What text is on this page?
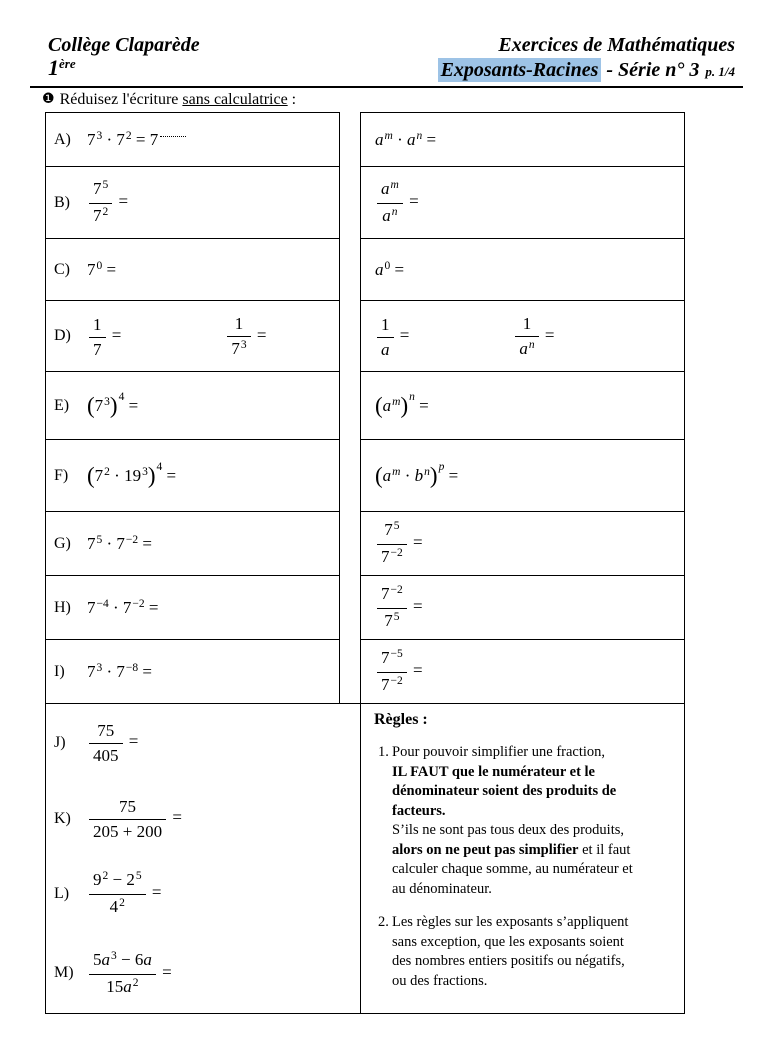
Collège Claparède
1ère
Exercices de Mathématiques
Exposants-Racines - Série n° 3 p. 1/4
❶ Réduisez l'écriture sans calculatrice :
A) $7^3 \cdot 7^2 = 7$	$a^m \cdot a^n$ =
B)	$\frac{7^5}{7^2}$ =	$\frac{a^m}{a^n}$ =
C)	$7^0$ =	$a^0$ =
D)	$\frac{1}{7}$ =	$\frac{1}{7^3}$ =	$\frac{1}{a}$ =	$\frac{1}{a^n}$ =
E) $(7^3)^4$ =	$(a^m)^n$ =
F) $(7^2 \cdot 19^3)^4$ =	$(a^m \cdot b^n)^p$ =
G) $7^5 \cdot 7^{-2}$ =	$\frac{7^5}{7^{-2}}$ =
H) $7^{-4} \cdot 7^{-2}$ =	$\frac{7^{-2}}{7^5}$ =
I)	$7^3 \cdot 7^{-8}$ =	$\frac{7^{-5}}{7^{-2}}$ =
J)	$\frac{75}{405}$ =
K)	$\frac{75}{205 + 200}$ =
L)	$\frac{9^2 - 2^5}{4^2}$ =
$M) \frac{5a^3 - 6a}{15a^2}$ =
Règles :
1. Pour pouvoir simplifier une fraction,
IL FAUT que le numérateur et le
dénominateur soient des produits de
facteurs.
S’ils ne sont pas tous deux des produits,
alors on ne peut pas simplifier et il faut
calculer chaque somme, au numérateur et
au dénominateur.
2. Les règles sur les exposants s’appliquent
sans exception, que les exposants soient
des nombres entiers positifs ou négatifs,
ou des fractions.
